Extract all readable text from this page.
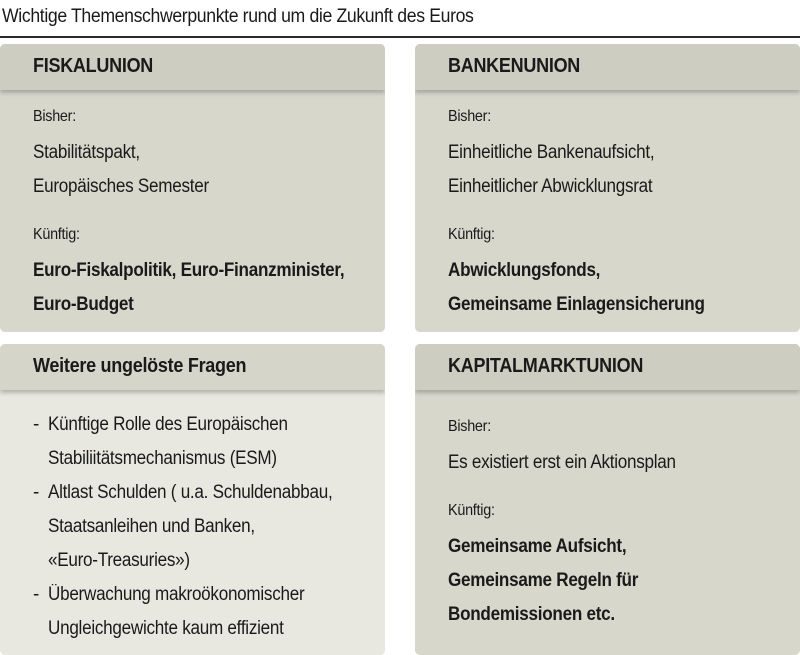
Wichtige Themenschwerpunkte rund um die Zukunft des Euros
FISKALUNION
Bisher:
Stabilitätspakt,
Europäisches Semester
Künftig:
Euro-Fiskalpolitik, Euro-Finanzminister,
Euro-Budget
BANKENUNION
Bisher:
Einheitliche Bankenaufsicht,
Einheitlicher Abwicklungsrat
Künftig:
Abwicklungsfonds,
Gemeinsame Einlagensicherung
Weitere ungelöste Fragen
- Künftige Rolle des Europäischen
Stabiliitätsmechanismus (ESM)
- Altlast Schulden ( u.a. Schuldenabbau,
Staatsanleihen und Banken,
«Euro-Treasuries»)
- Überwachung makroökonomischer
Ungleichgewichte kaum effizient
KAPITALMARKTUNION
Bisher:
Es existiert erst ein Aktionsplan
Künftig:
Gemeinsame Aufsicht,
Gemeinsame Regeln für
Bondemissionen etc.
